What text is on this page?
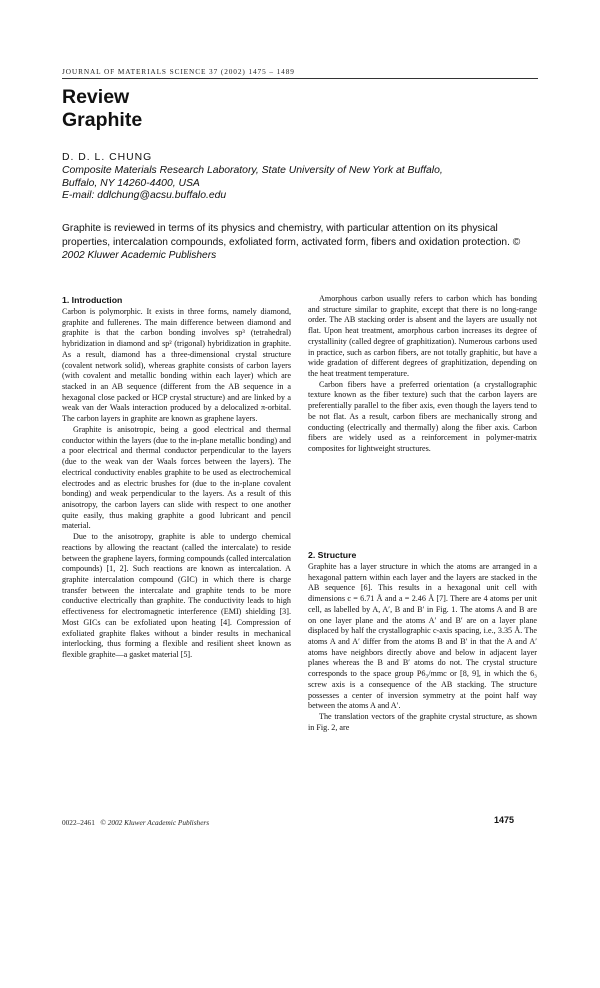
JOURNAL OF MATERIALS SCIENCE 37 (2002) 1475 – 1489
Review
Graphite
D. D. L. CHUNG
Composite Materials Research Laboratory, State University of New York at Buffalo,
Buffalo, NY 14260-4400, USA
E-mail: ddlchung@acsu.buffalo.edu
Graphite is reviewed in terms of its physics and chemistry, with particular attention on its physical properties, intercalation compounds, exfoliated form, activated form, fibers and oxidation protection. © 2002 Kluwer Academic Publishers
1. Introduction

Carbon is polymorphic. It exists in three forms, namely diamond, graphite and fullerenes. The main difference between diamond and graphite is that the carbon bonding involves sp³ (tetrahedral) hybridization in diamond and sp² (trigonal) hybridization in graphite. As a result, diamond has a three-dimensional crystal structure (covalent network solid), whereas graphite consists of carbon layers (with covalent and metallic bonding within each layer) which are stacked in an AB sequence (different from the AB sequence in a hexagonal close packed or HCP crystal structure) and are linked by a weak van der Waals interaction produced by a delocalized π-orbital. The carbon layers in graphite are known as graphene layers.

Graphite is anisotropic, being a good electrical and thermal conductor within the layers (due to the in-plane metallic bonding) and a poor electrical and thermal conductor perpendicular to the layers (due to the weak van der Waals forces between the layers). The electrical conductivity enables graphite to be used as electrochemical electrodes and as electric brushes for (due to the in-plane covalent bonding) and weak perpendicular to the layers. As a result of this anisotropy, the carbon layers can slide with respect to one another quite easily, thus making graphite a good lubricant and pencil material.

Due to the anisotropy, graphite is able to undergo chemical reactions by allowing the reactant (called the intercalate) to reside between the graphene layers, forming compounds (called intercalation compounds) [1, 2]. Such reactions are known as intercalation. A graphite intercalation compound (GIC) in which there is charge transfer between the intercalate and graphite tends to be more conductive electrically than graphite. The conductivity leads to high effectiveness for electromagnetic interference (EMI) shielding [3]. Most GICs can be exfoliated upon heating [4]. Compression of exfoliated graphite flakes without a binder results in mechanical interlocking, thus forming a flexible and resilient sheet known as flexible graphite—a gasket material [5].

Amorphous carbon usually refers to carbon which has bonding and structure similar to graphite, except that there is no long-range order. The AB stacking order is absent and the layers are usually not flat. Upon heat treatment, amorphous carbon increases its degree of crystallinity (called degree of graphitization). Numerous carbons used in practice, such as carbon fibers, are not totally graphitic, but have a wide gradation of different degrees of graphitization, depending on the heat treatment temperature.

Carbon fibers have a preferred orientation (a crystallographic texture known as the fiber texture) such that the carbon layers are preferentially parallel to the fiber axis, even though the layers tend to be not flat. As a result, carbon fibers are mechanically strong and conducting (electrically and thermally) along the fiber axis. Carbon fibers are widely used as a reinforcement in polymer-matrix composites for lightweight structures.

2. Structure

Graphite has a layer structure in which the atoms are arranged in a hexagonal pattern within each layer and the layers are stacked in the AB sequence [6]. This results in a hexagonal unit cell with dimensions c = 6.71 Å and a = 2.46 Å [7]. There are 4 atoms per unit cell, as labelled by A, A′, B and B′ in Fig. 1. The atoms A and B are on one layer plane and the atoms A′ and B′ are on a layer plane displaced by half the crystallographic c-axis spacing, i.e., 3.35 Å. The atoms A and A′ differ from the atoms B and B′ in that the A and A′ atoms have neighbors directly above and below in adjacent layer planes whereas the B and B′ atoms do not. The crystal structure corresponds to the space group P6₃/mmc or [8, 9], in which the 6₃ screw axis is a consequence of the AB stacking. The structure possesses a center of inversion symmetry at the point half way between the atoms A and A′.

The translation vectors of the graphite crystal structure, as shown in Fig. 2, are

0022–2461 © 2002 Kluwer Academic Publishers	1475
